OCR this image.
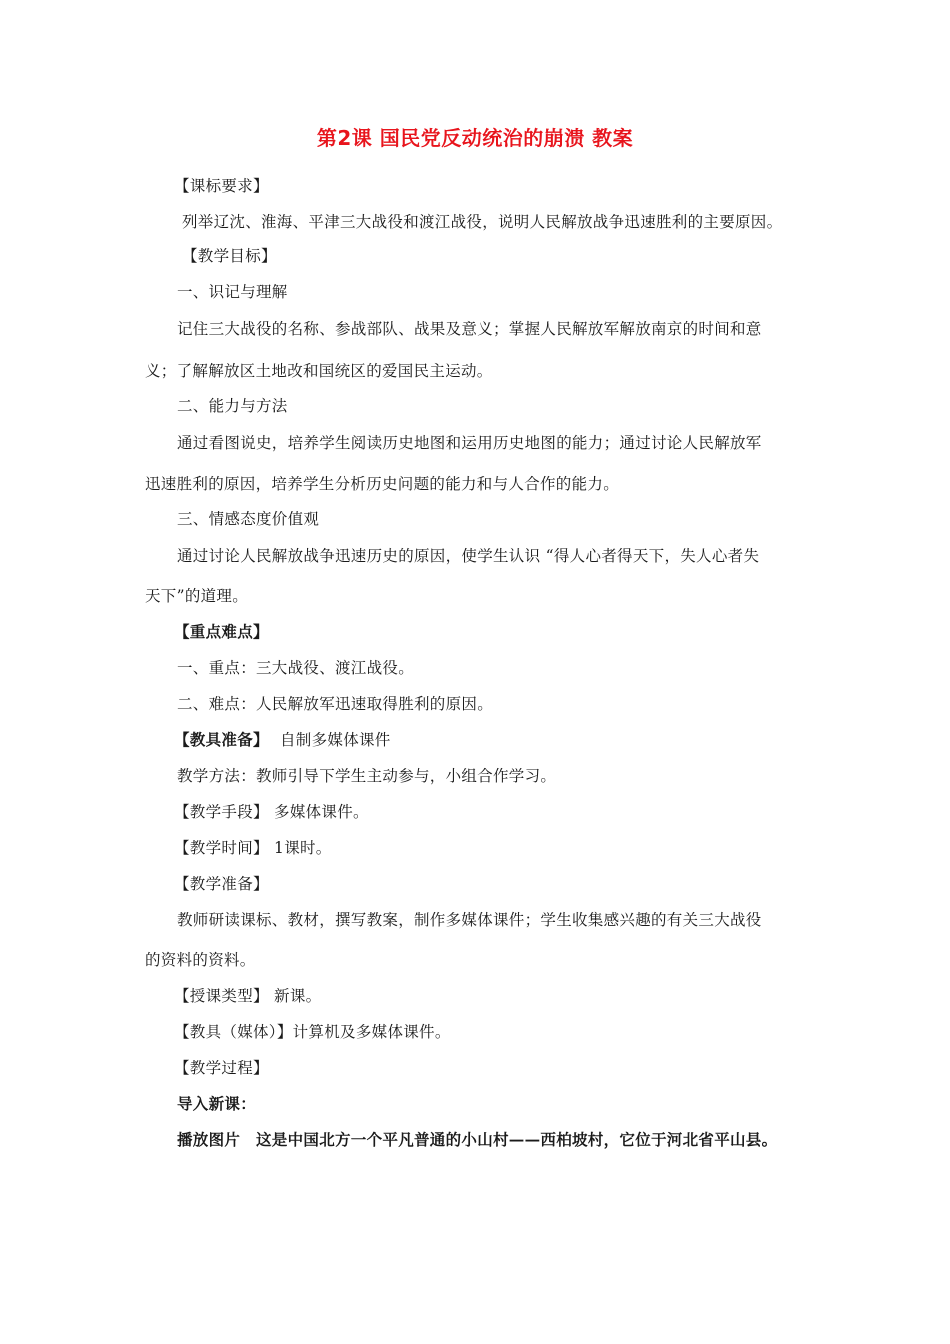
第2课 国民党反动统治的崩溃 教案
【课标要求】
列举辽沈、淮海、平津三大战役和渡江战役，说明人民解放战争迅速胜利的主要原因。
【教学目标】
一、识记与理解
记住三大战役的名称、参战部队、战果及意义；掌握人民解放军解放南京的时间和意
义；了解解放区土地改和国统区的爱国民主运动。
二、能力与方法
通过看图说史，培养学生阅读历史地图和运用历史地图的能力；通过讨论人民解放军
迅速胜利的原因，培养学生分析历史问题的能力和与人合作的能力。
三、情感态度价值观
通过讨论人民解放战争迅速历史的原因，使学生认识 “得人心者得天下，失人心者失
天下”的道理。
【重点难点】
一、重点：三大战役、渡江战役。
二、难点：人民解放军迅速取得胜利的原因。
【教具准备】 自制多媒体课件
教学方法：教师引导下学生主动参与，小组合作学习。
【教学手段】 多媒体课件。
【教学时间】 1课时。
【教学准备】
教师研读课标、教材，撰写教案，制作多媒体课件；学生收集感兴趣的有关三大战役
的资料的资料。
【授课类型】 新课。
【教具（媒体）】计算机及多媒体课件。
【教学过程】
导入新课：
播放图片　这是中国北方一个平凡普通的小山村——西柏坡村，它位于河北省平山县。
